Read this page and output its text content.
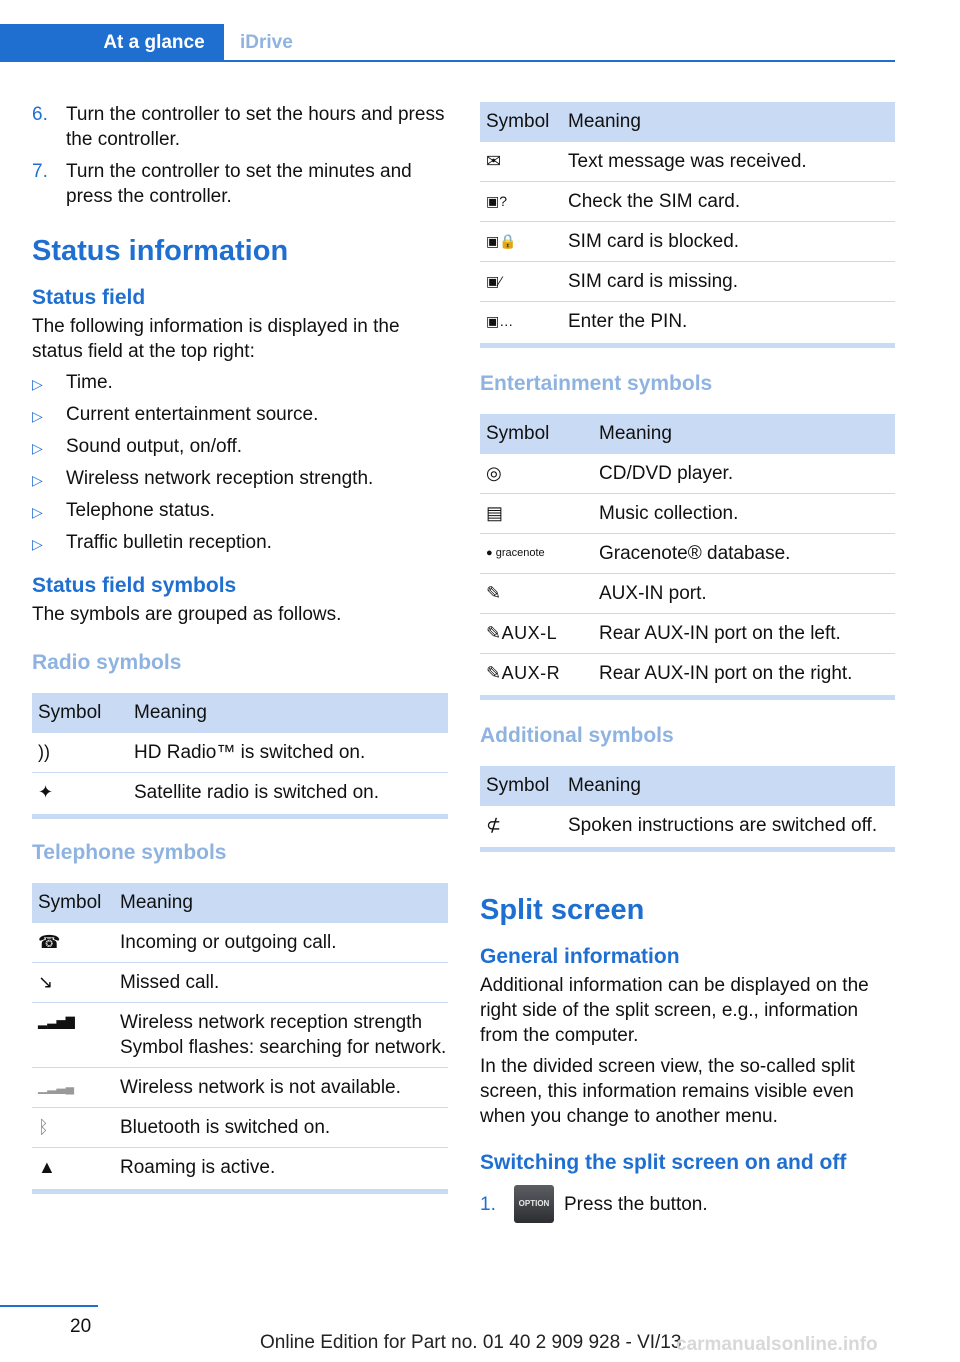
At a glance	iDrive
6. Turn the controller to set the hours and press the controller.
7. Turn the controller to set the minutes and press the controller.
Status information
Status field
The following information is displayed in the status field at the top right:
▷	Time.
▷	Current entertainment source.
▷	Sound output, on/off.
▷	Wireless network reception strength.
▷	Telephone status.
▷	Traffic bulletin reception.
Status field symbols
The symbols are grouped as follows.
Radio symbols
Symbol	Meaning
))	HD Radio™ is switched on.
✦	Satellite radio is switched on.
Telephone symbols
Symbol	Meaning
☎	Incoming or outgoing call.
↘	Missed call.
▂▃▅▇	Wireless network reception strength Symbol flashes: searching for network.
▁▂▃▄	Wireless network is not available.
ᛒ	Bluetooth is switched on.
▲	Roaming is active.
Symbol	Meaning
✉	Text message was received.
▣?	Check the SIM card.
▣🔒	SIM card is blocked.
▣⁄	SIM card is missing.
▣…	Enter the PIN.
Entertainment symbols
Symbol	Meaning
◎	CD/DVD player.
▤	Music collection.
● gracenote	Gracenote® database.
✎	AUX-IN port.
✎AUX-L	Rear AUX-IN port on the left.
✎AUX-R	Rear AUX-IN port on the right.
Additional symbols
Symbol	Meaning
⊄	Spoken instructions are switched off.
Split screen
General information
Additional information can be displayed on the right side of the split screen, e.g., information from the computer.
In the divided screen view, the so-called split screen, this information remains visible even when you change to another menu.
Switching the split screen on and off
1.	OPTION Press the button.
20
Online Edition for Part no. 01 40 2 909 928 - VI/13
carmanualsonline.info
